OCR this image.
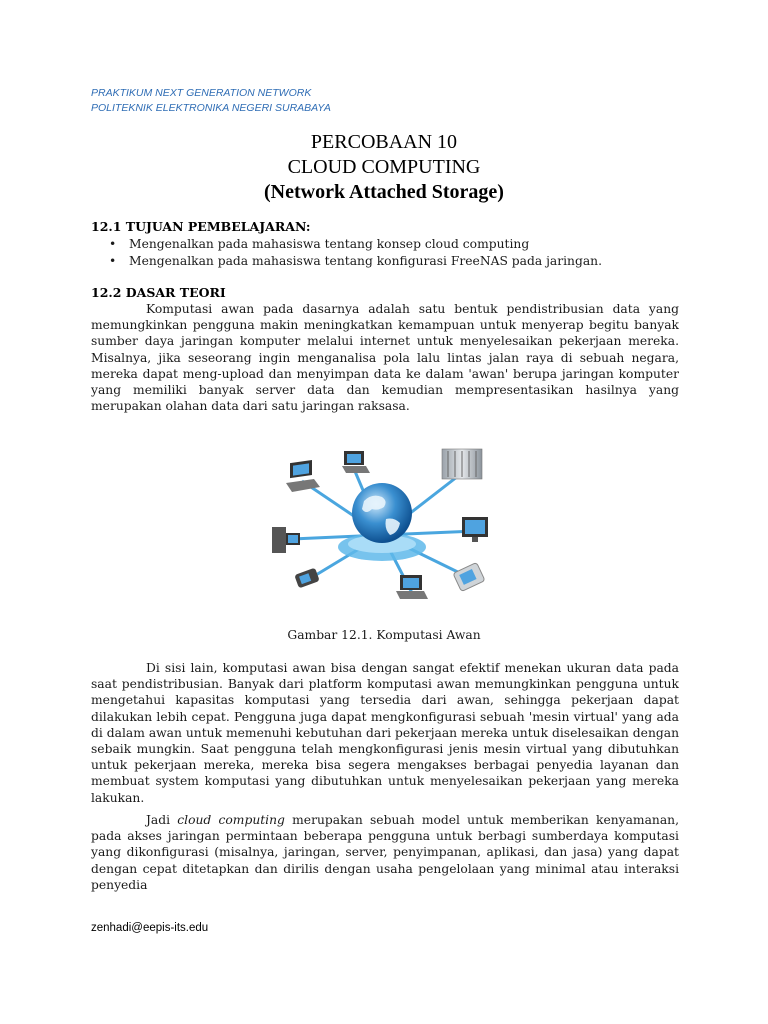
PRAKTIKUM NEXT GENERATION NETWORK
POLITEKNIK ELEKTRONIKA NEGERI SURABAYA
PERCOBAAN 10
CLOUD COMPUTING
(Network Attached Storage)
12.1 TUJUAN PEMBELAJARAN:
• Mengenalkan pada mahasiswa tentang konsep cloud computing
• Mengenalkan pada mahasiswa tentang konfigurasi FreeNAS pada jaringan.
12.2 DASAR TEORI

Komputasi awan pada dasarnya adalah satu bentuk pendistribusian data yang memungkinkan pengguna makin meningkatkan kemampuan untuk menyerap begitu banyak sumber daya jaringan komputer melalui internet untuk menyelesaikan pekerjaan mereka. Misalnya, jika seseorang ingin menganalisa pola lalu lintas jalan raya di sebuah negara, mereka dapat meng-upload dan menyimpan data ke dalam 'awan' berupa jaringan komputer yang memiliki banyak server data dan kemudian mempresentasikan hasilnya yang merupakan olahan data dari satu jaringan raksasa.

Gambar 12.1. Komputasi Awan

Di sisi lain, komputasi awan bisa dengan sangat efektif menekan ukuran data pada saat pendistribusian. Banyak dari platform komputasi awan memungkinkan pengguna untuk mengetahui kapasitas komputasi yang tersedia dari awan, sehingga pekerjaan dapat dilakukan lebih cepat. Pengguna juga dapat mengkonfigurasi sebuah 'mesin virtual' yang ada di dalam awan untuk memenuhi kebutuhan dari pekerjaan mereka untuk diselesaikan dengan sebaik mungkin. Saat pengguna telah mengkonfigurasi jenis mesin virtual yang dibutuhkan untuk pekerjaan mereka, mereka bisa segera mengakses berbagai penyedia layanan dan membuat system komputasi yang dibutuhkan untuk menyelesaikan pekerjaan yang mereka lakukan.

Jadi cloud computing merupakan sebuah model untuk memberikan kenyamanan, pada akses jaringan permintaan beberapa pengguna untuk berbagi sumberdaya komputasi yang dikonfigurasi (misalnya, jaringan, server, penyimpanan, aplikasi, dan jasa) yang dapat dengan cepat ditetapkan dan dirilis dengan usaha pengelolaan yang minimal atau interaksi penyedia

zenhadi@eepis-its.edu
